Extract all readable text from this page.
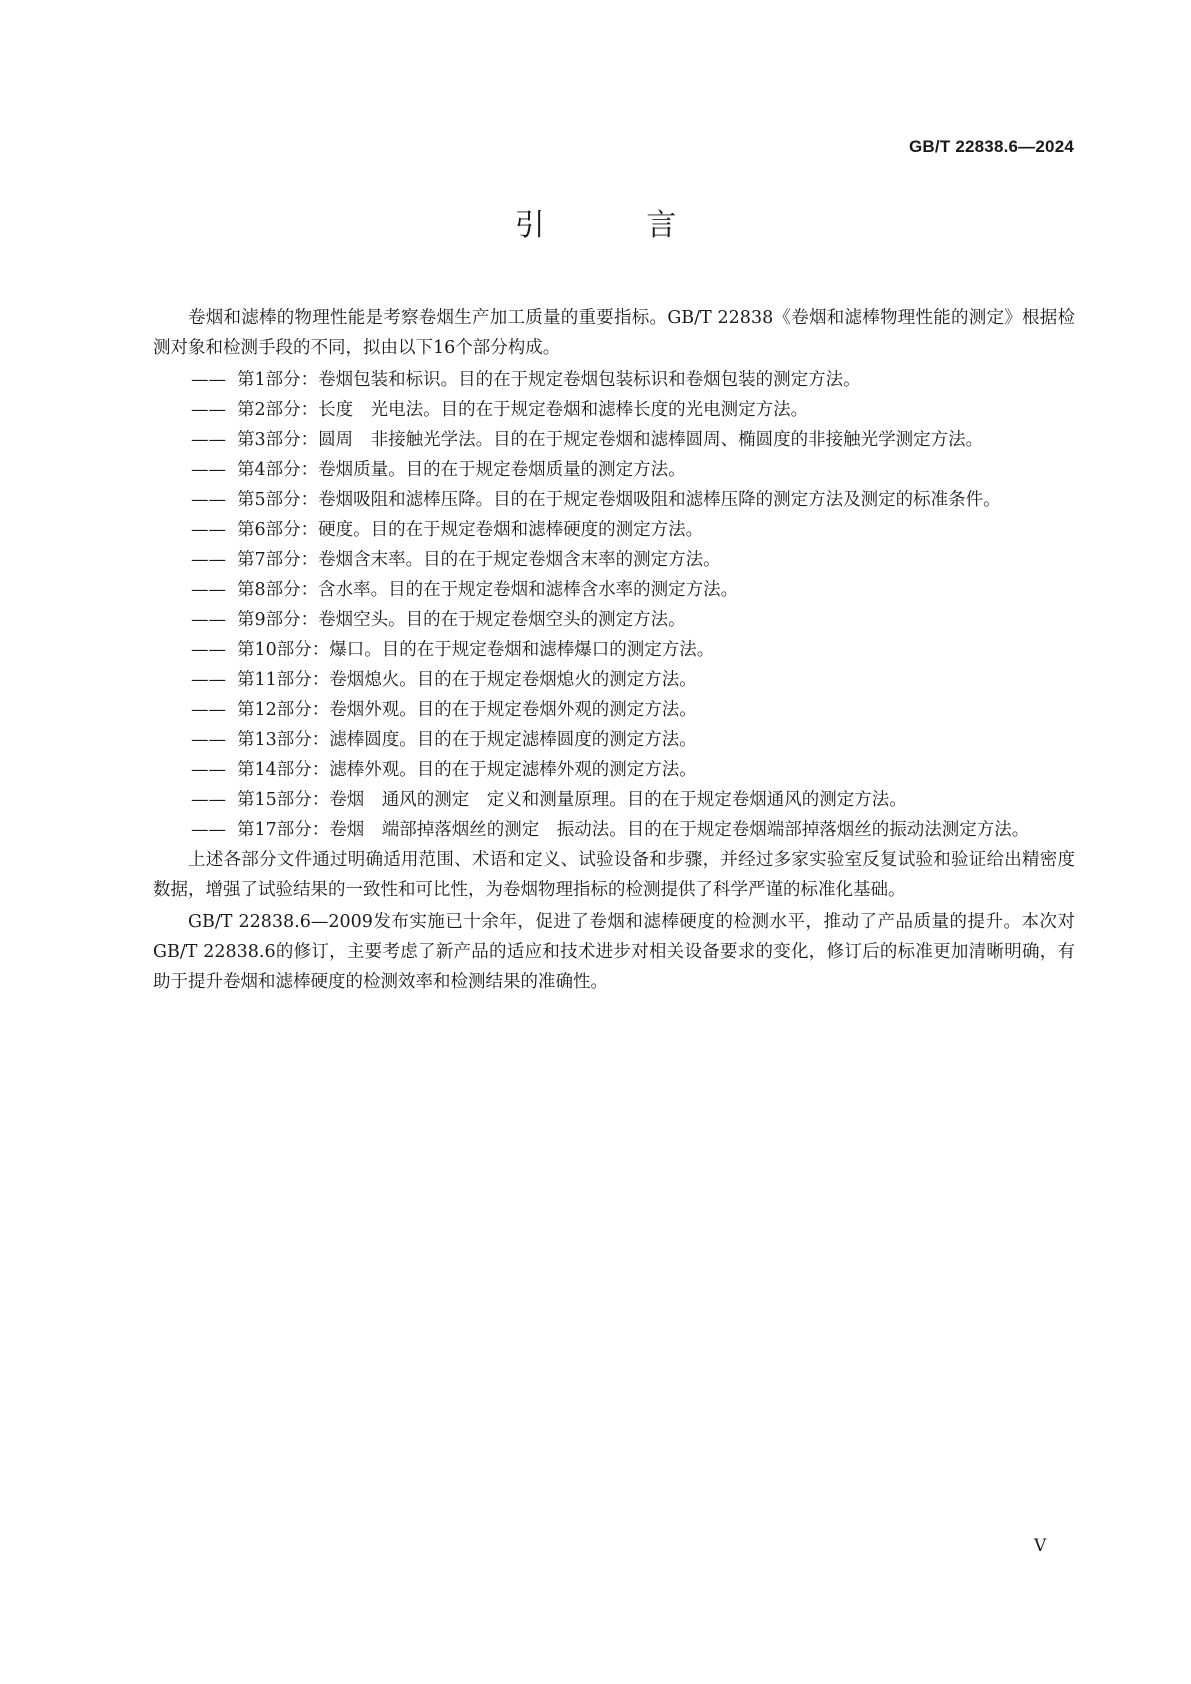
GB/T 22838.6—2024
引 言

卷烟和滤棒的物理性能是考察卷烟生产加工质量的重要指标。GB/T 22838《卷烟和滤棒物理性能的测定》根据检测对象和检测手段的不同，拟由以下16个部分构成。

—— 第1部分：卷烟包装和标识。目的在于规定卷烟包装标识和卷烟包装的测定方法。
—— 第2部分：长度　光电法。目的在于规定卷烟和滤棒长度的光电测定方法。
—— 第3部分：圆周　非接触光学法。目的在于规定卷烟和滤棒圆周、椭圆度的非接触光学测定方法。
—— 第4部分：卷烟质量。目的在于规定卷烟质量的测定方法。
—— 第5部分：卷烟吸阻和滤棒压降。目的在于规定卷烟吸阻和滤棒压降的测定方法及测定的标准条件。
—— 第6部分：硬度。目的在于规定卷烟和滤棒硬度的测定方法。
—— 第7部分：卷烟含末率。目的在于规定卷烟含末率的测定方法。
—— 第8部分：含水率。目的在于规定卷烟和滤棒含水率的测定方法。
—— 第9部分：卷烟空头。目的在于规定卷烟空头的测定方法。
—— 第10部分：爆口。目的在于规定卷烟和滤棒爆口的测定方法。
—— 第11部分：卷烟熄火。目的在于规定卷烟熄火的测定方法。
—— 第12部分：卷烟外观。目的在于规定卷烟外观的测定方法。
—— 第13部分：滤棒圆度。目的在于规定滤棒圆度的测定方法。
—— 第14部分：滤棒外观。目的在于规定滤棒外观的测定方法。
—— 第15部分：卷烟　通风的测定　定义和测量原理。目的在于规定卷烟通风的测定方法。
—— 第17部分：卷烟　端部掉落烟丝的测定　振动法。目的在于规定卷烟端部掉落烟丝的振动法测定方法。

上述各部分文件通过明确适用范围、术语和定义、试验设备和步骤，并经过多家实验室反复试验和验证给出精密度数据，增强了试验结果的一致性和可比性，为卷烟物理指标的检测提供了科学严谨的标准化基础。

GB/T 22838.6—2009发布实施已十余年，促进了卷烟和滤棒硬度的检测水平，推动了产品质量的提升。本次对GB/T 22838.6的修订，主要考虑了新产品的适应和技术进步对相关设备要求的变化，修订后的标准更加清晰明确，有助于提升卷烟和滤棒硬度的检测效率和检测结果的准确性。

V
